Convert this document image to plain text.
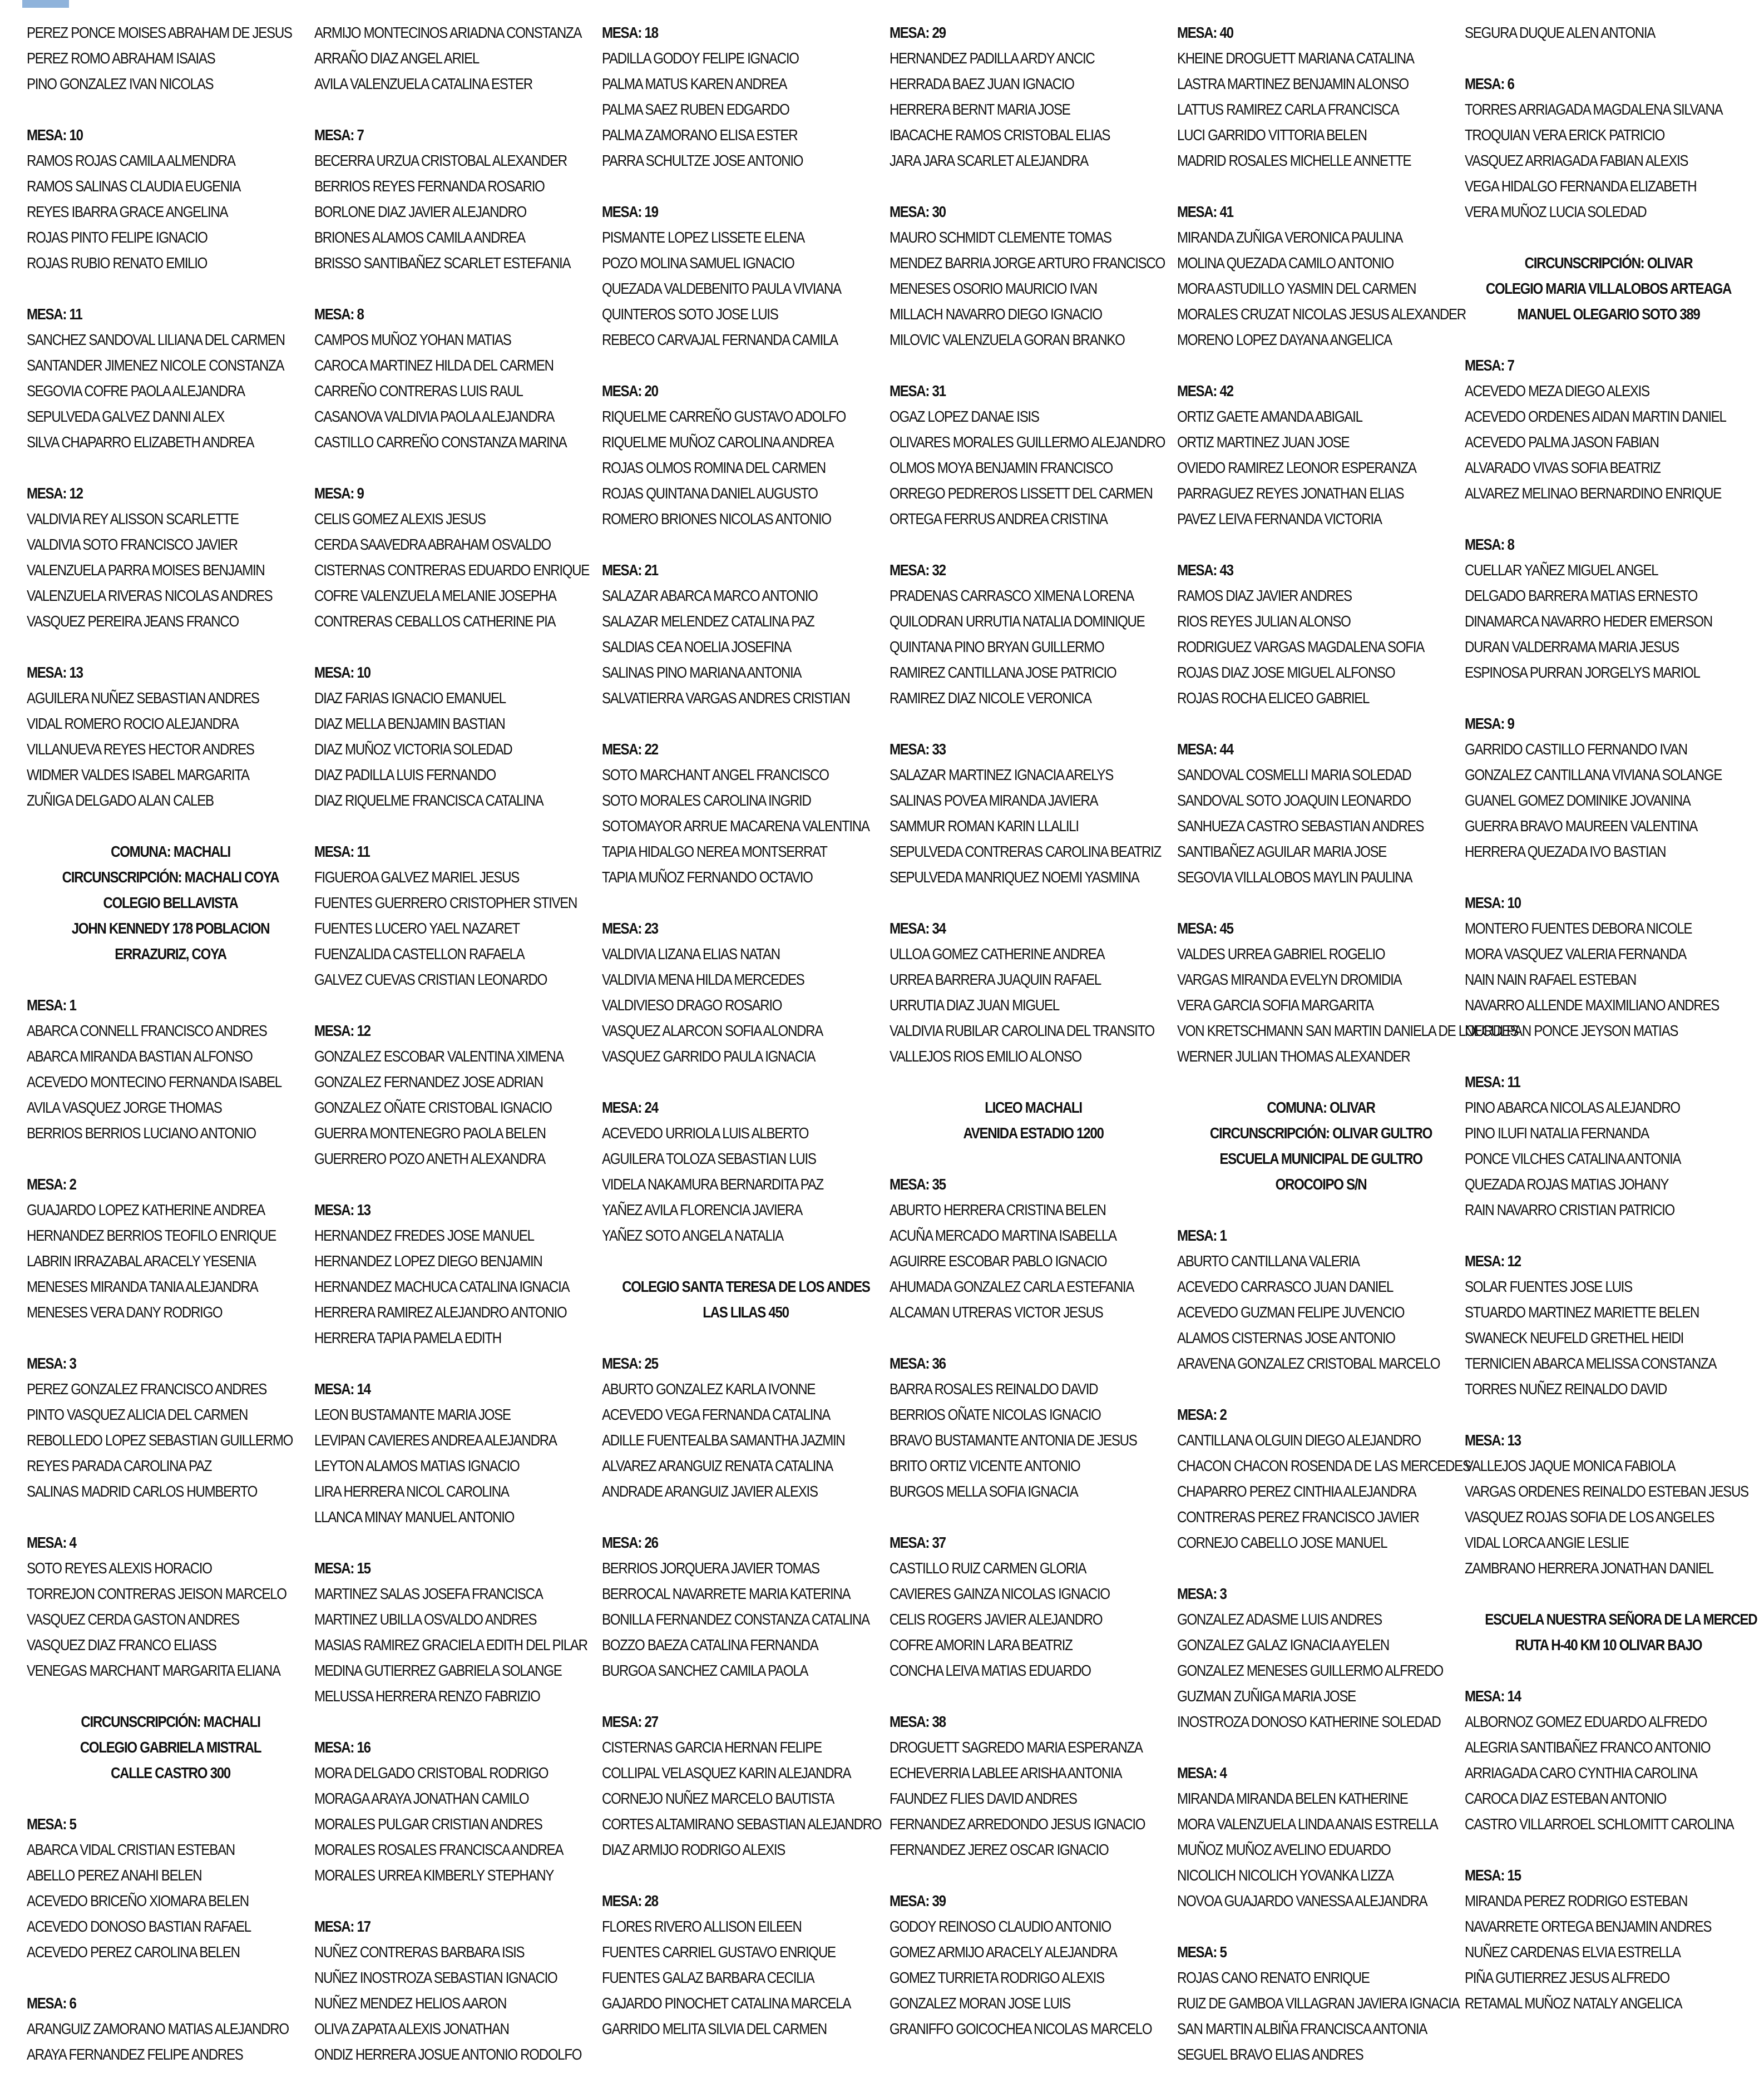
PEREZ PONCE MOISES ABRAHAM DE JESUS
PEREZ ROMO ABRAHAM ISAIAS
PINO GONZALEZ IVAN NICOLAS
MESA: 10
RAMOS ROJAS CAMILA ALMENDRA
RAMOS SALINAS CLAUDIA EUGENIA
REYES IBARRA GRACE ANGELINA
ROJAS PINTO FELIPE IGNACIO
ROJAS RUBIO RENATO EMILIO
MESA: 11
SANCHEZ SANDOVAL LILIANA DEL CARMEN
SANTANDER JIMENEZ NICOLE CONSTANZA
SEGOVIA COFRE PAOLA ALEJANDRA
SEPULVEDA GALVEZ DANNI ALEX
SILVA CHAPARRO ELIZABETH ANDREA
MESA: 12
VALDIVIA REY ALISSON SCARLETTE
VALDIVIA SOTO FRANCISCO JAVIER
VALENZUELA PARRA MOISES BENJAMIN
VALENZUELA RIVERAS NICOLAS ANDRES
VASQUEZ PEREIRA JEANS FRANCO
MESA: 13
AGUILERA NUÑEZ SEBASTIAN ANDRES
VIDAL ROMERO ROCIO ALEJANDRA
VILLANUEVA REYES HECTOR ANDRES
WIDMER VALDES ISABEL MARGARITA
ZUÑIGA DELGADO ALAN CALEB
COMUNA: MACHALI
CIRCUNSCRIPCIÓN: MACHALI COYA
COLEGIO BELLAVISTA
JOHN KENNEDY 178 POBLACION
ERRAZURIZ, COYA
MESA: 1
ABARCA CONNELL FRANCISCO ANDRES
ABARCA MIRANDA BASTIAN ALFONSO
ACEVEDO MONTECINO FERNANDA ISABEL
AVILA VASQUEZ JORGE THOMAS
BERRIOS BERRIOS LUCIANO ANTONIO
MESA: 2
GUAJARDO LOPEZ KATHERINE ANDREA
HERNANDEZ BERRIOS TEOFILO ENRIQUE
LABRIN IRRAZABAL ARACELY YESENIA
MENESES MIRANDA TANIA ALEJANDRA
MENESES VERA DANY RODRIGO
MESA: 3
PEREZ GONZALEZ FRANCISCO ANDRES
PINTO VASQUEZ ALICIA DEL CARMEN
REBOLLEDO LOPEZ SEBASTIAN GUILLERMO
REYES PARADA CAROLINA PAZ
SALINAS MADRID CARLOS HUMBERTO
MESA: 4
SOTO REYES ALEXIS HORACIO
TORREJON CONTRERAS JEISON MARCELO
VASQUEZ CERDA GASTON ANDRES
VASQUEZ DIAZ FRANCO ELIASS
VENEGAS MARCHANT MARGARITA ELIANA
CIRCUNSCRIPCIÓN: MACHALI
COLEGIO GABRIELA MISTRAL
CALLE CASTRO 300
MESA: 5
ABARCA VIDAL CRISTIAN ESTEBAN
ABELLO PEREZ ANAHI BELEN
ACEVEDO BRICEÑO XIOMARA BELEN
ACEVEDO DONOSO BASTIAN RAFAEL
ACEVEDO PEREZ CAROLINA BELEN
MESA: 6
ARANGUIZ ZAMORANO MATIAS ALEJANDRO
ARAYA FERNANDEZ FELIPE ANDRES
ARMIJO MONTECINOS ARIADNA CONSTANZA
ARRAÑO DIAZ ANGEL ARIEL
AVILA VALENZUELA CATALINA ESTER
MESA: 7
BECERRA URZUA CRISTOBAL ALEXANDER
BERRIOS REYES FERNANDA ROSARIO
BORLONE DIAZ JAVIER ALEJANDRO
BRIONES ALAMOS CAMILA ANDREA
BRISSO SANTIBAÑEZ SCARLET ESTEFANIA
MESA: 8
CAMPOS MUÑOZ YOHAN MATIAS
CAROCA MARTINEZ HILDA DEL CARMEN
CARREÑO CONTRERAS LUIS RAUL
CASANOVA VALDIVIA PAOLA ALEJANDRA
CASTILLO CARREÑO CONSTANZA MARINA
MESA: 9
CELIS GOMEZ ALEXIS JESUS
CERDA SAAVEDRA ABRAHAM OSVALDO
CISTERNAS CONTRERAS EDUARDO ENRIQUE
COFRE VALENZUELA MELANIE JOSEPHA
CONTRERAS CEBALLOS CATHERINE PIA
MESA: 10
DIAZ FARIAS IGNACIO EMANUEL
DIAZ MELLA BENJAMIN BASTIAN
DIAZ MUÑOZ VICTORIA SOLEDAD
DIAZ PADILLA LUIS FERNANDO
DIAZ RIQUELME FRANCISCA CATALINA
MESA: 11
FIGUEROA GALVEZ MARIEL JESUS
FUENTES GUERRERO CRISTOPHER STIVEN
FUENTES LUCERO YAEL NAZARET
FUENZALIDA CASTELLON RAFAELA
GALVEZ CUEVAS CRISTIAN LEONARDO
MESA: 12
GONZALEZ ESCOBAR VALENTINA XIMENA
GONZALEZ FERNANDEZ JOSE ADRIAN
GONZALEZ OÑATE CRISTOBAL IGNACIO
GUERRA MONTENEGRO PAOLA BELEN
GUERRERO POZO ANETH ALEXANDRA
MESA: 13
HERNANDEZ FREDES JOSE MANUEL
HERNANDEZ LOPEZ DIEGO BENJAMIN
HERNANDEZ MACHUCA CATALINA IGNACIA
HERRERA RAMIREZ ALEJANDRO ANTONIO
HERRERA TAPIA PAMELA EDITH
MESA: 14
LEON BUSTAMANTE MARIA JOSE
LEVIPAN CAVIERES ANDREA ALEJANDRA
LEYTON ALAMOS MATIAS IGNACIO
LIRA HERRERA NICOL CAROLINA
LLANCA MINAY MANUEL ANTONIO
MESA: 15
MARTINEZ SALAS JOSEFA FRANCISCA
MARTINEZ UBILLA OSVALDO ANDRES
MASIAS RAMIREZ GRACIELA EDITH DEL PILAR
MEDINA GUTIERREZ GABRIELA SOLANGE
MELUSSA HERRERA RENZO FABRIZIO
MESA: 16
MORA DELGADO CRISTOBAL RODRIGO
MORAGA ARAYA JONATHAN CAMILO
MORALES PULGAR CRISTIAN ANDRES
MORALES ROSALES FRANCISCA ANDREA
MORALES URREA KIMBERLY STEPHANY
MESA: 17
NUÑEZ CONTRERAS BARBARA ISIS
NUÑEZ INOSTROZA SEBASTIAN IGNACIO
NUÑEZ MENDEZ HELIOS AARON
OLIVA ZAPATA ALEXIS JONATHAN
ONDIZ HERRERA JOSUE ANTONIO RODOLFO
MESA: 18
PADILLA GODOY FELIPE IGNACIO
PALMA MATUS KAREN ANDREA
PALMA SAEZ RUBEN EDGARDO
PALMA ZAMORANO ELISA ESTER
PARRA SCHULTZE JOSE ANTONIO
MESA: 19
PISMANTE LOPEZ LISSETE ELENA
POZO MOLINA SAMUEL IGNACIO
QUEZADA VALDEBENITO PAULA VIVIANA
QUINTEROS SOTO JOSE LUIS
REBECO CARVAJAL FERNANDA CAMILA
MESA: 20
RIQUELME CARREÑO GUSTAVO ADOLFO
RIQUELME MUÑOZ CAROLINA ANDREA
ROJAS OLMOS ROMINA DEL CARMEN
ROJAS QUINTANA DANIEL AUGUSTO
ROMERO BRIONES NICOLAS ANTONIO
MESA: 21
SALAZAR ABARCA MARCO ANTONIO
SALAZAR MELENDEZ CATALINA PAZ
SALDIAS CEA NOELIA JOSEFINA
SALINAS PINO MARIANA ANTONIA
SALVATIERRA VARGAS ANDRES CRISTIAN
MESA: 22
SOTO MARCHANT ANGEL FRANCISCO
SOTO MORALES CAROLINA INGRID
SOTOMAYOR ARRUE MACARENA VALENTINA
TAPIA HIDALGO NEREA MONTSERRAT
TAPIA MUÑOZ FERNANDO OCTAVIO
MESA: 23
VALDIVIA LIZANA ELIAS NATAN
VALDIVIA MENA HILDA MERCEDES
VALDIVIESO DRAGO ROSARIO
VASQUEZ ALARCON SOFIA ALONDRA
VASQUEZ GARRIDO PAULA IGNACIA
MESA: 24
ACEVEDO URRIOLA LUIS ALBERTO
AGUILERA TOLOZA SEBASTIAN LUIS
VIDELA NAKAMURA BERNARDITA PAZ
YAÑEZ AVILA FLORENCIA JAVIERA
YAÑEZ SOTO ANGELA NATALIA
COLEGIO SANTA TERESA DE LOS ANDES
LAS LILAS 450
MESA: 25
ABURTO GONZALEZ KARLA IVONNE
ACEVEDO VEGA FERNANDA CATALINA
ADILLE FUENTEALBA SAMANTHA JAZMIN
ALVAREZ ARANGUIZ RENATA CATALINA
ANDRADE ARANGUIZ JAVIER ALEXIS
MESA: 26
BERRIOS JORQUERA JAVIER TOMAS
BERROCAL NAVARRETE MARIA KATERINA
BONILLA FERNANDEZ CONSTANZA CATALINA
BOZZO BAEZA CATALINA FERNANDA
BURGOA SANCHEZ CAMILA PAOLA
MESA: 27
CISTERNAS GARCIA HERNAN FELIPE
COLLIPAL VELASQUEZ KARIN ALEJANDRA
CORNEJO NUÑEZ MARCELO BAUTISTA
CORTES ALTAMIRANO SEBASTIAN ALEJANDRO
DIAZ ARMIJO RODRIGO ALEXIS
MESA: 28
FLORES RIVERO ALLISON EILEEN
FUENTES CARRIEL GUSTAVO ENRIQUE
FUENTES GALAZ BARBARA CECILIA
GAJARDO PINOCHET CATALINA MARCELA
GARRIDO MELITA SILVIA DEL CARMEN
MESA: 29
HERNANDEZ PADILLA ARDY ANCIC
HERRADA BAEZ JUAN IGNACIO
HERRERA BERNT MARIA JOSE
IBACACHE RAMOS CRISTOBAL ELIAS
JARA JARA SCARLET ALEJANDRA
MESA: 30
MAURO SCHMIDT CLEMENTE TOMAS
MENDEZ BARRIA JORGE ARTURO FRANCISCO
MENESES OSORIO MAURICIO IVAN
MILLACH NAVARRO DIEGO IGNACIO
MILOVIC VALENZUELA GORAN BRANKO
MESA: 31
OGAZ LOPEZ DANAE ISIS
OLIVARES MORALES GUILLERMO ALEJANDRO
OLMOS MOYA BENJAMIN FRANCISCO
ORREGO PEDREROS LISSETT DEL CARMEN
ORTEGA FERRUS ANDREA CRISTINA
MESA: 32
PRADENAS CARRASCO XIMENA LORENA
QUILODRAN URRUTIA NATALIA DOMINIQUE
QUINTANA PINO BRYAN GUILLERMO
RAMIREZ CANTILLANA JOSE PATRICIO
RAMIREZ DIAZ NICOLE VERONICA
MESA: 33
SALAZAR MARTINEZ IGNACIA ARELYS
SALINAS POVEA MIRANDA JAVIERA
SAMMUR ROMAN KARIN LLALILI
SEPULVEDA CONTRERAS CAROLINA BEATRIZ
SEPULVEDA MANRIQUEZ NOEMI YASMINA
MESA: 34
ULLOA GOMEZ CATHERINE ANDREA
URREA BARRERA JUAQUIN RAFAEL
URRUTIA DIAZ JUAN MIGUEL
VALDIVIA RUBILAR CAROLINA DEL TRANSITO
VALLEJOS RIOS EMILIO ALONSO
LICEO MACHALI
AVENIDA ESTADIO 1200
MESA: 35
ABURTO HERRERA CRISTINA BELEN
ACUÑA MERCADO MARTINA ISABELLA
AGUIRRE ESCOBAR PABLO IGNACIO
AHUMADA GONZALEZ CARLA ESTEFANIA
ALCAMAN UTRERAS VICTOR JESUS
MESA: 36
BARRA ROSALES REINALDO DAVID
BERRIOS OÑATE NICOLAS IGNACIO
BRAVO BUSTAMANTE ANTONIA DE JESUS
BRITO ORTIZ VICENTE ANTONIO
BURGOS MELLA SOFIA IGNACIA
MESA: 37
CASTILLO RUIZ CARMEN GLORIA
CAVIERES GAINZA NICOLAS IGNACIO
CELIS ROGERS JAVIER ALEJANDRO
COFRE AMORIN LARA BEATRIZ
CONCHA LEIVA MATIAS EDUARDO
MESA: 38
DROGUETT SAGREDO MARIA ESPERANZA
ECHEVERRIA LABLEE ARISHA ANTONIA
FAUNDEZ FLIES DAVID ANDRES
FERNANDEZ ARREDONDO JESUS IGNACIO
FERNANDEZ JEREZ OSCAR IGNACIO
MESA: 39
GODOY REINOSO CLAUDIO ANTONIO
GOMEZ ARMIJO ARACELY ALEJANDRA
GOMEZ TURRIETA RODRIGO ALEXIS
GONZALEZ MORAN JOSE LUIS
GRANIFFO GOICOCHEA NICOLAS MARCELO
MESA: 40
KHEINE DROGUETT MARIANA CATALINA
LASTRA MARTINEZ BENJAMIN ALONSO
LATTUS RAMIREZ CARLA FRANCISCA
LUCI GARRIDO VITTORIA BELEN
MADRID ROSALES MICHELLE ANNETTE
MESA: 41
MIRANDA ZUÑIGA VERONICA PAULINA
MOLINA QUEZADA CAMILO ANTONIO
MORA ASTUDILLO YASMIN DEL CARMEN
MORALES CRUZAT NICOLAS JESUS ALEXANDER
MORENO LOPEZ DAYANA ANGELICA
MESA: 42
ORTIZ GAETE AMANDA ABIGAIL
ORTIZ MARTINEZ JUAN JOSE
OVIEDO RAMIREZ LEONOR ESPERANZA
PARRAGUEZ REYES JONATHAN ELIAS
PAVEZ LEIVA FERNANDA VICTORIA
MESA: 43
RAMOS DIAZ JAVIER ANDRES
RIOS REYES JULIAN ALONSO
RODRIGUEZ VARGAS MAGDALENA SOFIA
ROJAS DIAZ JOSE MIGUEL ALFONSO
ROJAS ROCHA ELICEO GABRIEL
MESA: 44
SANDOVAL COSMELLI MARIA SOLEDAD
SANDOVAL SOTO JOAQUIN LEONARDO
SANHUEZA CASTRO SEBASTIAN ANDRES
SANTIBAÑEZ AGUILAR MARIA JOSE
SEGOVIA VILLALOBOS MAYLIN PAULINA
MESA: 45
VALDES URREA GABRIEL ROGELIO
VARGAS MIRANDA EVELYN DROMIDIA
VERA GARCIA SOFIA MARGARITA
VON KRETSCHMANN SAN MARTIN DANIELA DE LOURDES
WERNER JULIAN THOMAS ALEXANDER
COMUNA: OLIVAR
CIRCUNSCRIPCIÓN: OLIVAR GULTRO
ESCUELA MUNICIPAL DE GULTRO
OROCOIPO S/N
MESA: 1
ABURTO CANTILLANA VALERIA
ACEVEDO CARRASCO JUAN DANIEL
ACEVEDO GUZMAN FELIPE JUVENCIO
ALAMOS CISTERNAS JOSE ANTONIO
ARAVENA GONZALEZ CRISTOBAL MARCELO
MESA: 2
CANTILLANA OLGUIN DIEGO ALEJANDRO
CHACON CHACON ROSENDA DE LAS MERCEDES
CHAPARRO PEREZ CINTHIA ALEJANDRA
CONTRERAS PEREZ FRANCISCO JAVIER
CORNEJO CABELLO JOSE MANUEL
MESA: 3
GONZALEZ ADASME LUIS ANDRES
GONZALEZ GALAZ IGNACIA AYELEN
GONZALEZ MENESES GUILLERMO ALFREDO
GUZMAN ZUÑIGA MARIA JOSE
INOSTROZA DONOSO KATHERINE SOLEDAD
MESA: 4
MIRANDA MIRANDA BELEN KATHERINE
MORA VALENZUELA LINDA ANAIS ESTRELLA
MUÑOZ MUÑOZ AVELINO EDUARDO
NICOLICH NICOLICH YOVANKA LIZZA
NOVOA GUAJARDO VANESSA ALEJANDRA
MESA: 5
ROJAS CANO RENATO ENRIQUE
RUIZ DE GAMBOA VILLAGRAN JAVIERA IGNACIA
SAN MARTIN ALBIÑA FRANCISCA ANTONIA
SEGUEL BRAVO ELIAS ANDRES
SEGURA DUQUE ALEN ANTONIA
MESA: 6
TORRES ARRIAGADA MAGDALENA SILVANA
TROQUIAN VERA ERICK PATRICIO
VASQUEZ ARRIAGADA FABIAN ALEXIS
VEGA HIDALGO FERNANDA ELIZABETH
VERA MUÑOZ LUCIA SOLEDAD
CIRCUNSCRIPCIÓN: OLIVAR
COLEGIO MARIA VILLALOBOS ARTEAGA
MANUEL OLEGARIO SOTO 389
MESA: 7
ACEVEDO MEZA DIEGO ALEXIS
ACEVEDO ORDENES AIDAN MARTIN DANIEL
ACEVEDO PALMA JASON FABIAN
ALVARADO VIVAS SOFIA BEATRIZ
ALVAREZ MELINAO BERNARDINO ENRIQUE
MESA: 8
CUELLAR YAÑEZ MIGUEL ANGEL
DELGADO BARRERA MATIAS ERNESTO
DINAMARCA NAVARRO HEDER EMERSON
DURAN VALDERRAMA MARIA JESUS
ESPINOSA PURRAN JORGELYS MARIOL
MESA: 9
GARRIDO CASTILLO FERNANDO IVAN
GONZALEZ CANTILLANA VIVIANA SOLANGE
GUANEL GOMEZ DOMINIKE JOVANINA
GUERRA BRAVO MAUREEN VALENTINA
HERRERA QUEZADA IVO BASTIAN
MESA: 10
MONTERO FUENTES DEBORA NICOLE
MORA VASQUEZ VALERIA FERNANDA
NAIN NAIN RAFAEL ESTEBAN
NAVARRO ALLENDE MAXIMILIANO ANDRES
NECULPAN PONCE JEYSON MATIAS
MESA: 11
PINO ABARCA NICOLAS ALEJANDRO
PINO ILUFI NATALIA FERNANDA
PONCE VILCHES CATALINA ANTONIA
QUEZADA ROJAS MATIAS JOHANY
RAIN NAVARRO CRISTIAN PATRICIO
MESA: 12
SOLAR FUENTES JOSE LUIS
STUARDO MARTINEZ MARIETTE BELEN
SWANECK NEUFELD GRETHEL HEIDI
TERNICIEN ABARCA MELISSA CONSTANZA
TORRES NUÑEZ REINALDO DAVID
MESA: 13
VALLEJOS JAQUE MONICA FABIOLA
VARGAS ORDENES REINALDO ESTEBAN JESUS
VASQUEZ ROJAS SOFIA DE LOS ANGELES
VIDAL LORCA ANGIE LESLIE
ZAMBRANO HERRERA JONATHAN DANIEL
ESCUELA NUESTRA SEÑORA DE LA MERCED
RUTA H-40 KM 10 OLIVAR BAJO
MESA: 14
ALBORNOZ GOMEZ EDUARDO ALFREDO
ALEGRIA SANTIBAÑEZ FRANCO ANTONIO
ARRIAGADA CARO CYNTHIA CAROLINA
CAROCA DIAZ ESTEBAN ANTONIO
CASTRO VILLARROEL SCHLOMITT CAROLINA
MESA: 15
MIRANDA PEREZ RODRIGO ESTEBAN
NAVARRETE ORTEGA BENJAMIN ANDRES
NUÑEZ CARDENAS ELVIA ESTRELLA
PIÑA GUTIERREZ JESUS ALFREDO
RETAMAL MUÑOZ NATALY ANGELICA
